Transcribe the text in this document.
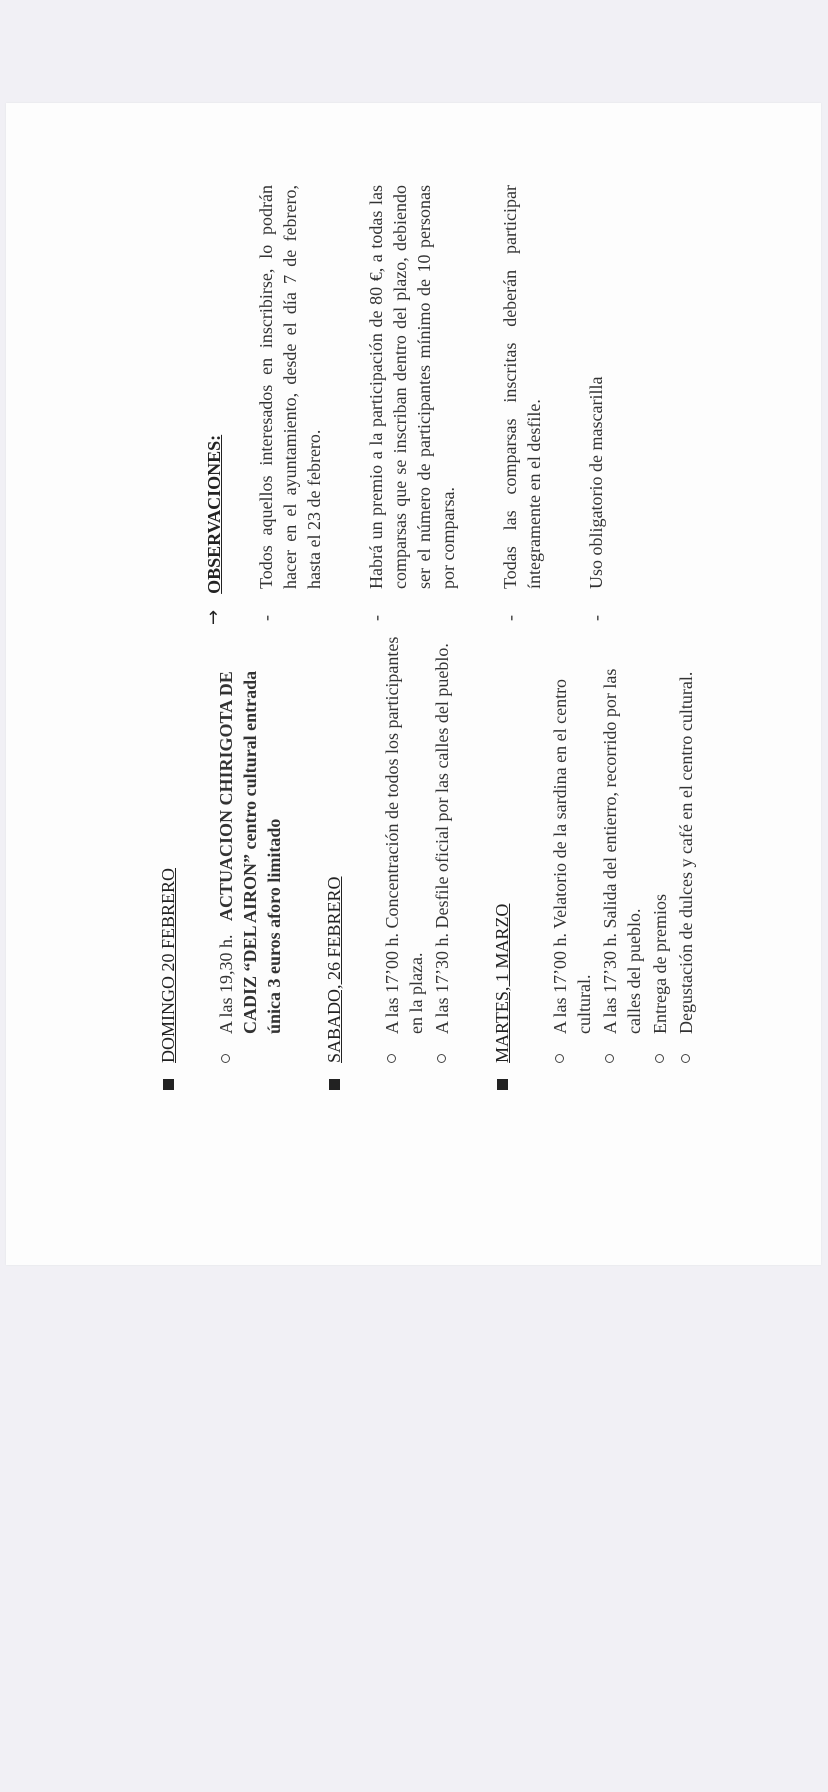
DOMINGO 20 FEBRERO A las 19,30 h.   ACTUACION CHIRIGOTA DE CADIZ “DEL AIRON” centro cultural entrada única 3 euros aforo limitado SABADO, 26 FEBRERO A las 17’00 h. Concentración de todos los participantes en la plaza. A las 17’30 h. Desfile oficial por las calles del pueblo. MARTES, 1 MARZO A las 17’00 h. Velatorio de la sardina en el centro cultural. A las 17’30 h. Salida del entierro, recorrido por las calles del pueblo. Entrega de premios Degustación de dulces y café en el centro cultural.
→
OBSERVACIONES:
-
Todos aquellos interesados en inscribirse, lo podrán hacer en el ayuntamiento, desde el día 7 de febrero, hasta el 23 de febrero.
-
Habrá un premio a la participación de 80 €, a todas las comparsas que se inscriban dentro del plazo, debiendo ser el número de participantes mínimo de 10 personas por comparsa.
-
Todas las comparsas inscritas deberán participar íntegramente en el desfile.
-
Uso obligatorio de mascarilla
